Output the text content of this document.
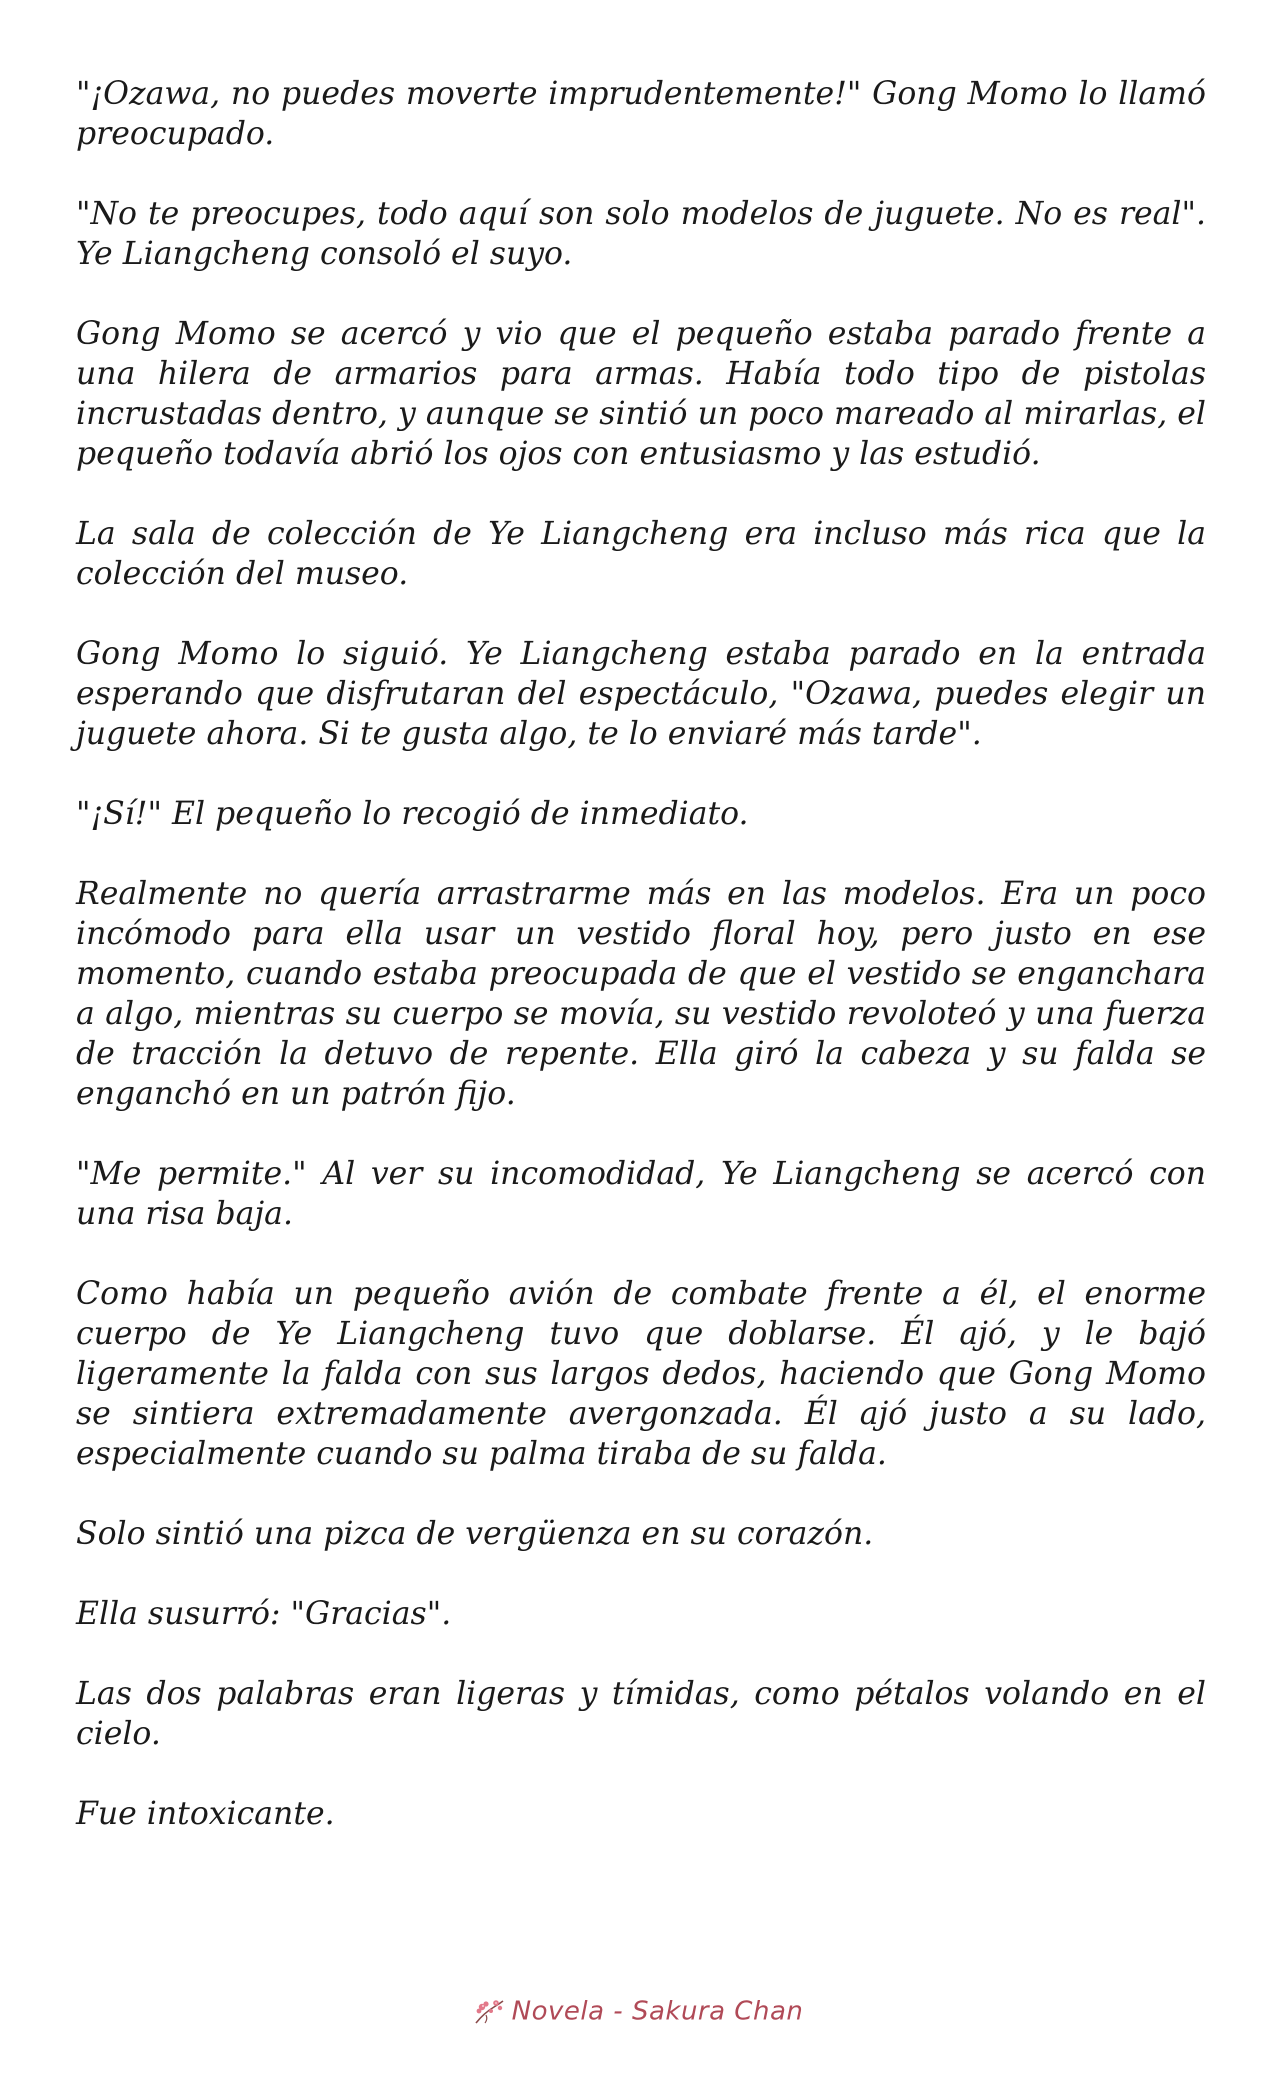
"¡Ozawa, no puedes moverte imprudentemente!" Gong Momo lo llamó preocupado.

"No te preocupes, todo aquí son solo modelos de juguete. No es real". Ye Liangcheng consoló el suyo.

Gong Momo se acercó y vio que el pequeño estaba parado frente a una hilera de armarios para armas. Había todo tipo de pistolas incrustadas dentro, y aunque se sintió un poco mareado al mirarlas, el pequeño todavía abrió los ojos con entusiasmo y las estudió.

La sala de colección de Ye Liangcheng era incluso más rica que la colección del museo.

Gong Momo lo siguió. Ye Liangcheng estaba parado en la entrada esperando que disfrutaran del espectáculo, "Ozawa, puedes elegir un juguete ahora. Si te gusta algo, te lo enviaré más tarde".

"¡Sí!" El pequeño lo recogió de inmediato.

Realmente no quería arrastrarme más en las modelos. Era un poco incómodo para ella usar un vestido floral hoy, pero justo en ese momento, cuando estaba preocupada de que el vestido se enganchara a algo, mientras su cuerpo se movía, su vestido revoloteó y una fuerza de tracción la detuvo de repente. Ella giró la cabeza y su falda se enganchó en un patrón fijo.

"Me permite." Al ver su incomodidad, Ye Liangcheng se acercó con una risa baja.

Como había un pequeño avión de combate frente a él, el enorme cuerpo de Ye Liangcheng tuvo que doblarse. Él ajó, y le bajó ligeramente la falda con sus largos dedos, haciendo que Gong Momo se sintiera extremadamente avergonzada. Él ajó justo a su lado, especialmente cuando su palma tiraba de su falda.

Solo sintió una pizca de vergüenza en su corazón.

Ella susurró: "Gracias".

Las dos palabras eran ligeras y tímidas, como pétalos volando en el cielo.

Fue intoxicante.

Novela - Sakura Chan
